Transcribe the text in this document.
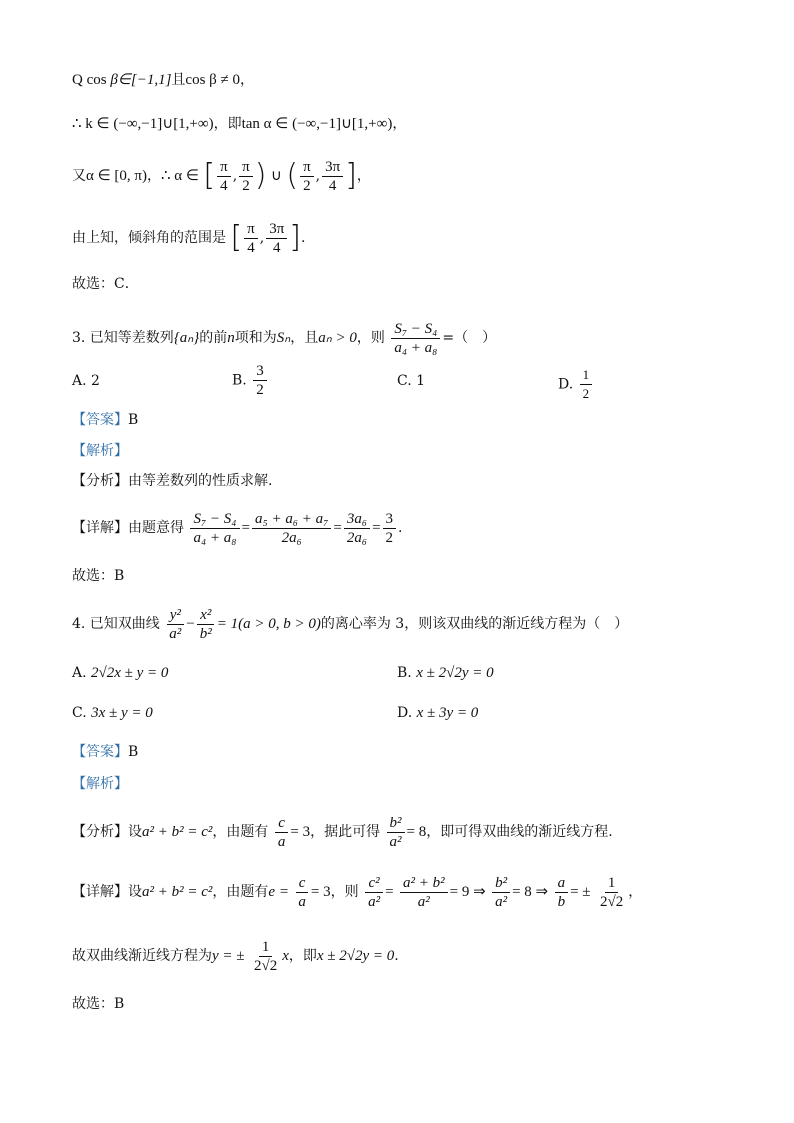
Q cos β∈[−1,1]且cos β ≠ 0，
∴ k ∈ (−∞,−1]∪[1,+∞)，即tan α ∈ (−∞,−1]∪[1,+∞)，
又α ∈ [0, π)，∴ α ∈ [ $\frac{\pi}{4}$ , $\frac{\pi}{2}$ ) ∪ ( $\frac{\pi}{2}$ , $\frac{3\pi}{4}$ ]，
由上知，倾斜角的范围是 [ $\frac{\pi}{4}$ , $\frac{3\pi}{4}$ ].
故选：C．
3. 已知等差数列{aₙ}的前n项和为Sₙ，且aₙ > 0，则 $\frac{\text{S₇ − S₄}}{\text{a₄ + a₈}}$ =（　）
A. 2	B. $\frac{3}{2}$	C. 1	D. $\frac{1}{2}$
【答案】B
【解析】
【分析】由等差数列的性质求解.
【详解】由题意得 $\frac{\text{S₇ − S₄}}{\text{a₄ + a₈}} = \frac{\text{a₅ + a₆ + a₇}}{\text{2a₆}} = \frac{\text{3a₆}}{\text{2a₆}} = \frac{3}{2}$ .
故选：B
4. 已知双曲线 $\frac{\text{y²}}{\text{a²}} - \frac{\text{x²}}{\text{b²}} = 1(a > 0$, b > 0)的离心率为 3，则该双曲线的渐近线方程为（　）
A. 2√2x ± y = 0	B. x ± 2√2y = 0
C. 3x ± y = 0	D. x ± 3y = 0
【答案】B
【解析】
【分析】设a² + b² = c²，由题有 $\frac{c}{a} = 3$，据此可得 $\frac{\text{b²}}{\text{a²}} = 8$，即可得双曲线的渐近线方程.
【详解】设a² + b² = c²，由题有$e = \frac{c}{a} = 3$，则 $\frac{\text{c²}}{\text{a²}} = \frac{\text{a² + b²}}{\text{a²}} = 9$ ⇒ $\frac{\text{b²}}{\text{a²}} = 8$ ⇒ $\frac{a}{b}$ = ± $\frac{1}{2√2}$ ，
故双曲线渐近线方程为y = ± $\frac{1}{2√2}$ x，即x ± 2√2y = 0.
故选：B
